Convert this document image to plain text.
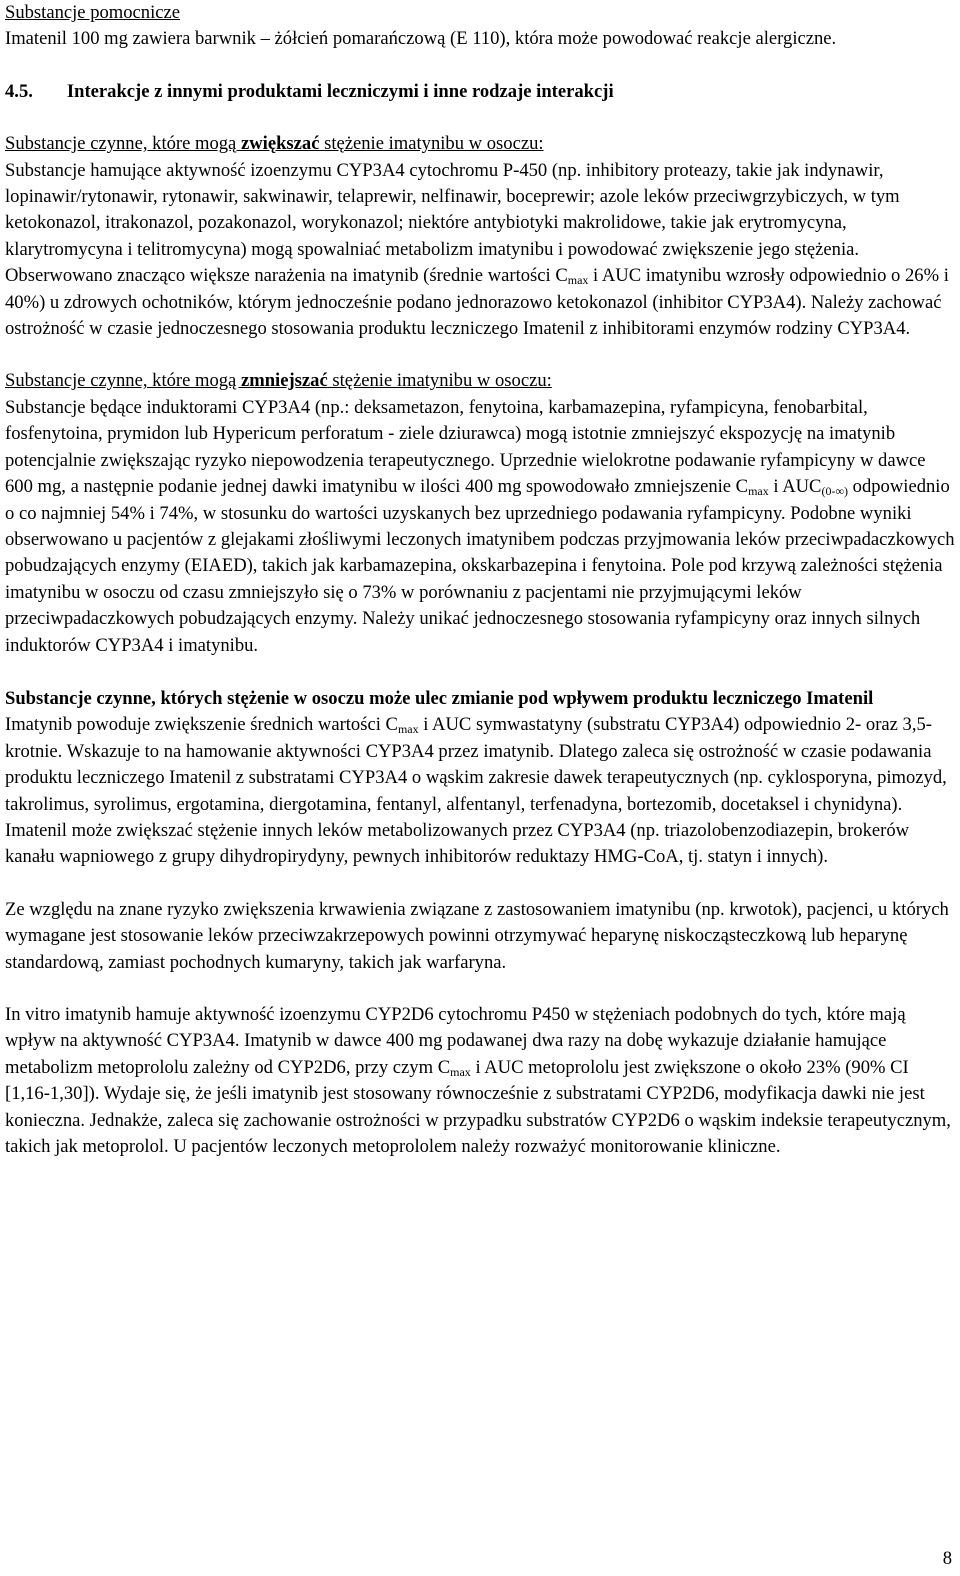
Substancje pomocnicze

Imatenil 100 mg zawiera barwnik – żółcień pomarańczową (E 110), która może powodować reakcje alergiczne.

4.5. Interakcje z innymi produktami leczniczymi i inne rodzaje interakcji

Substancje czynne, które mogą zwiększać stężenie imatynibu w osoczu:

Substancje hamujące aktywność izoenzymu CYP3A4 cytochromu P-450 (np. inhibitory proteazy, takie jak indynawir, lopinawir/rytonawir, rytonawir, sakwinawir, telaprewir, nelfinawir, boceprewir; azole leków przeciwgrzybiczych, w tym ketokonazol, itrakonazol, pozakonazol, worykonazol; niektóre antybiotyki makrolidowe, takie jak erytromycyna, klarytromycyna i telitromycyna) mogą spowalniać metabolizm imatynibu i powodować zwiększenie jego stężenia. Obserwowano znacząco większe narażenia na imatynib (średnie wartości $C_{max}$ i AUC imatynibu wzrosły odpowiednio o 26% i 40%) u zdrowych ochotników, którym jednocześnie podano jednorazowo ketokonazol (inhibitor CYP3A4). Należy zachować ostrożność w czasie jednoczesnego stosowania produktu leczniczego Imatenil z inhibitorami enzymów rodziny CYP3A4.

Substancje czynne, które mogą zmniejszać stężenie imatynibu w osoczu:

Substancje będące induktorami CYP3A4 (np.: deksametazon, fenytoina, karbamazepina, ryfampicyna, fenobarbital, fosfenytoina, prymidon lub Hypericum perforatum - ziele dziurawca) mogą istotnie zmniejszyć ekspozycję na imatynib potencjalnie zwiększając ryzyko niepowodzenia terapeutycznego. Uprzednie wielokrotne podawanie ryfampicyny w dawce 600 mg, a następnie podanie jednej dawki imatynibu w ilości 400 mg spowodowało zmniejszenie $C_{max}$ i $AUC_{(0-\infty)}$ odpowiednio o co najmniej 54% i 74%, w stosunku do wartości uzyskanych bez uprzedniego podawania ryfampicyny. Podobne wyniki obserwowano u pacjentów z glejakami złośliwymi leczonych imatynibem podczas przyjmowania leków przeciwpadaczkowych pobudzających enzymy (EIAED), takich jak karbamazepina, okskarbazepina i fenytoina. Pole pod krzywą zależności stężenia imatynibu w osoczu od czasu zmniejszyło się o 73% w porównaniu z pacjentami nie przyjmującymi leków przeciwpadaczkowych pobudzających enzymy. Należy unikać jednoczesnego stosowania ryfampicyny oraz innych silnych induktorów CYP3A4 i imatynibu.

Substancje czynne, których stężenie w osoczu może ulec zmianie pod wpływem produktu leczniczego Imatenil

Imatynib powoduje zwiększenie średnich wartości $C_{max}$ i AUC symwastatyny (substratu CYP3A4) odpowiednio 2- oraz 3,5-krotnie. Wskazuje to na hamowanie aktywności CYP3A4 przez imatynib. Dlatego zaleca się ostrożność w czasie podawania produktu leczniczego Imatenil z substratami CYP3A4 o wąskim zakresie dawek terapeutycznych (np. cyklosporyna, pimozyd, takrolimus, syrolimus, ergotamina, diergotamina, fentanyl, alfentanyl, terfenadyna, bortezomib, docetaksel i chynidyna). Imatenil może zwiększać stężenie innych leków metabolizowanych przez CYP3A4 (np. triazolobenzodiazepin, brokerów kanału wapniowego z grupy dihydropirydyny, pewnych inhibitorów reduktazy HMG-CoA, tj. statyn i innych).

Ze względu na znane ryzyko zwiększenia krwawienia związane z zastosowaniem imatynibu (np. krwotok), pacjenci, u których wymagane jest stosowanie leków przeciwzakrzepowych powinni otrzymywać heparynę niskocząsteczkową lub heparynę standardową, zamiast pochodnych kumaryny, takich jak warfaryna.

In vitro imatynib hamuje aktywność izoenzymu CYP2D6 cytochromu P450 w stężeniach podobnych do tych, które mają wpływ na aktywność CYP3A4. Imatynib w dawce 400 mg podawanej dwa razy na dobę wykazuje działanie hamujące metabolizm metoprololu zależny od CYP2D6, przy czym $C_{max}$ i AUC metoprololu jest zwiększone o około 23% (90% CI [1,16-1,30]). Wydaje się, że jeśli imatynib jest stosowany równocześnie z substratami CYP2D6, modyfikacja dawki nie jest konieczna. Jednakże, zaleca się zachowanie ostrożności w przypadku substratów CYP2D6 o wąskim indeksie terapeutycznym, takich jak metoprolol. U pacjentów leczonych metoprololem należy rozważyć monitorowanie kliniczne.

8
